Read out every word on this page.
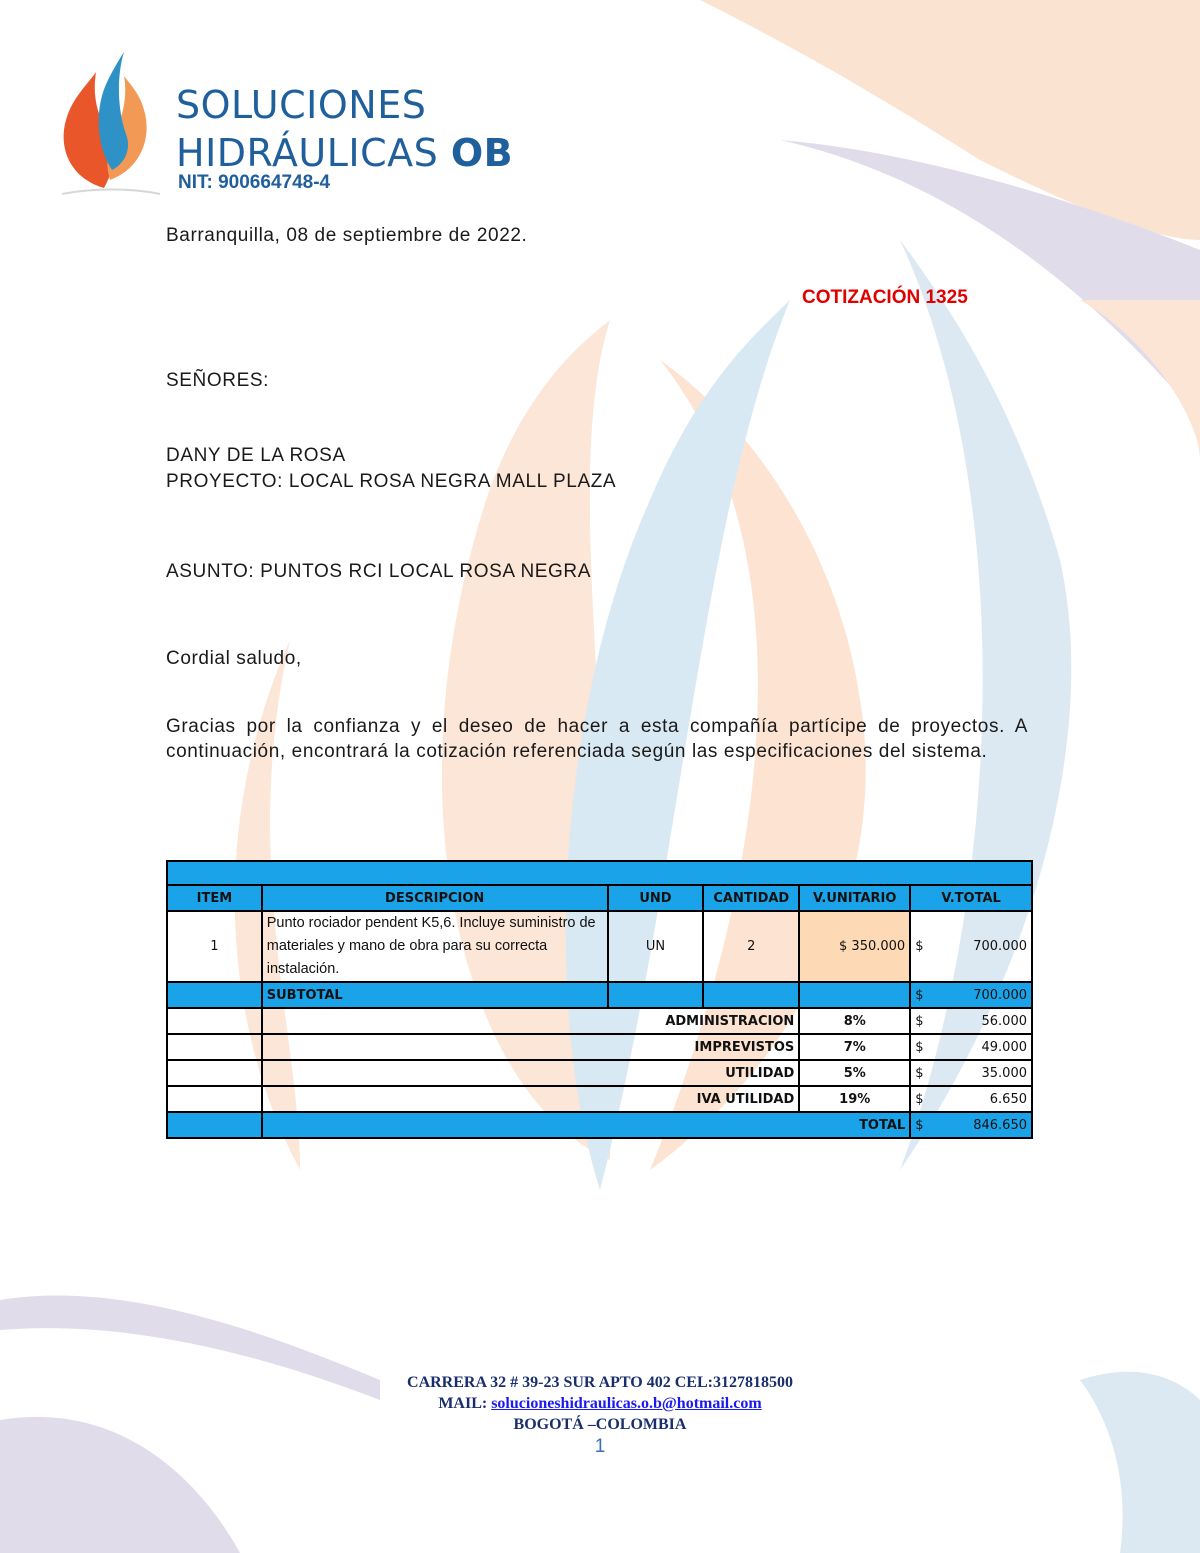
SOLUCIONES
HIDRÁULICAS OB
NIT: 900664748-4
Barranquilla, 08 de septiembre de 2022.
COTIZACIÓN 1325
SEÑORES:
DANY DE LA ROSA
PROYECTO: LOCAL ROSA NEGRA MALL PLAZA
ASUNTO: PUNTOS RCI LOCAL ROSA NEGRA
Cordial saludo,
Gracias por la confianza y el deseo de hacer a esta compañía partícipe de proyectos. A continuación, encontrará la cotización referenciada según las especificaciones del sistema.

ITEM	DESCRIPCION	UND	CANTIDAD	V.UNITARIO	V.TOTAL
1	Punto rociador pendent K5,6. Incluye suministro de materiales y mano de obra para su correcta instalación.	UN	2	$ 350.000	$ 700.000

	SUBTOTAL				$ 700.000

	ADMINISTRACION			8%	$ 56.000

	IMPREVISTOS			7%	$ 49.000

	UTILIDAD			5%	$ 35.000

	IVA UTILIDAD			19%	$ 6.650

	TOTAL				$ 846.650
CARRERA 32 # 39-23 SUR APTO 402 CEL:3127818500
MAIL: solucioneshidraulicas.o.b@hotmail.com
BOGOTÁ –COLOMBIA
1
